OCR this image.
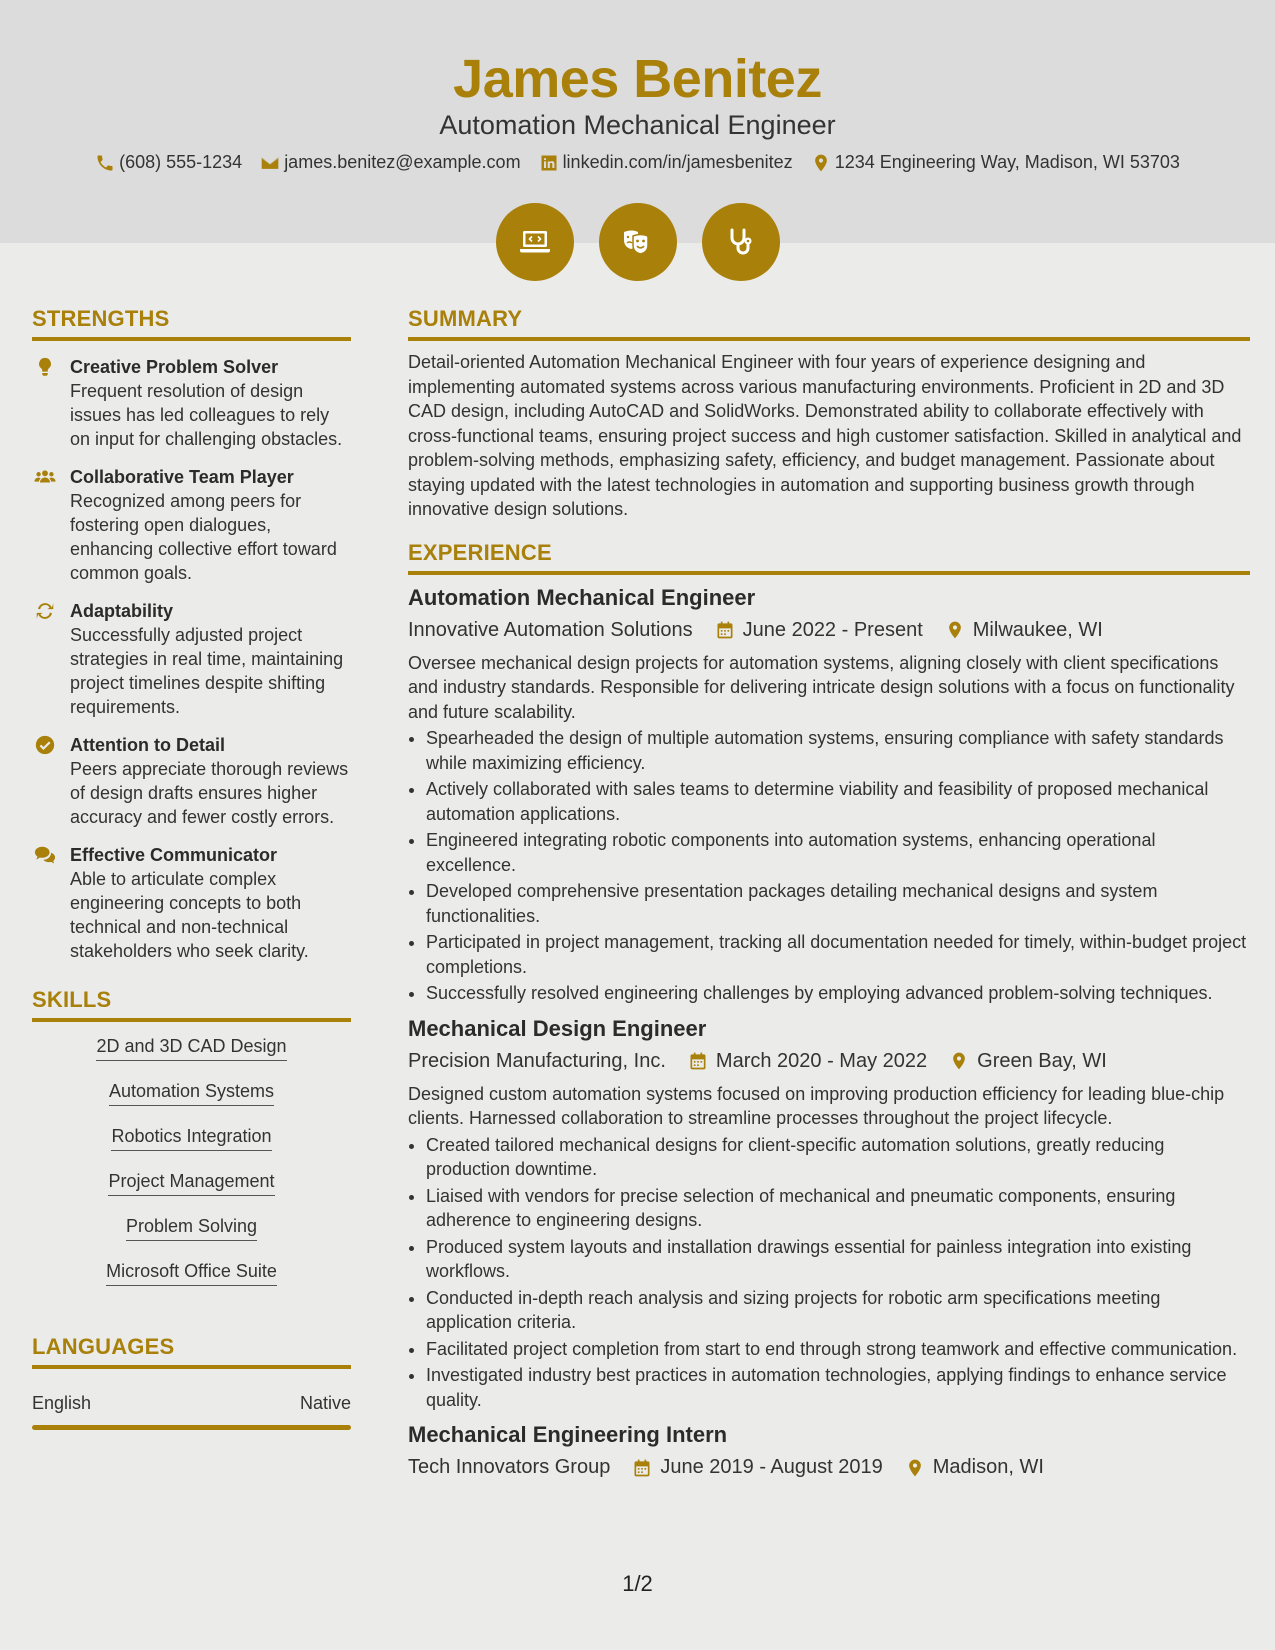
James Benitez
Automation Mechanical Engineer
(608) 555-1234 james.benitez@example.com linkedin.com/in/jamesbenitez 1234 Engineering Way, Madison, WI 53703
STRENGTHS
Creative Problem Solver
Frequent resolution of design issues has led colleagues to rely on input for challenging obstacles.
Collaborative Team Player
Recognized among peers for fostering open dialogues, enhancing collective effort toward common goals.
Adaptability
Successfully adjusted project strategies in real time, maintaining project timelines despite shifting requirements.
Attention to Detail
Peers appreciate thorough reviews of design drafts ensures higher accuracy and fewer costly errors.
Effective Communicator
Able to articulate complex engineering concepts to both technical and non-technical stakeholders who seek clarity.
SKILLS
2D and 3D CAD Design
Automation Systems
Robotics Integration
Project Management
Problem Solving
Microsoft Office Suite
LANGUAGES
English	Native
SUMMARY
Detail-oriented Automation Mechanical Engineer with four years of experience designing and implementing automated systems across various manufacturing environments. Proficient in 2D and 3D CAD design, including AutoCAD and SolidWorks. Demonstrated ability to collaborate effectively with cross-functional teams, ensuring project success and high customer satisfaction. Skilled in analytical and problem-solving methods, emphasizing safety, efficiency, and budget management. Passionate about staying updated with the latest technologies in automation and supporting business growth through innovative design solutions.
EXPERIENCE
Automation Mechanical Engineer
Innovative Automation Solutions	June 2022 - Present	Milwaukee, WI
Oversee mechanical design projects for automation systems, aligning closely with client specifications and industry standards. Responsible for delivering intricate design solutions with a focus on functionality and future scalability.
• Spearheaded the design of multiple automation systems, ensuring compliance with safety standards while maximizing efficiency.
• Actively collaborated with sales teams to determine viability and feasibility of proposed mechanical automation applications.
• Engineered integrating robotic components into automation systems, enhancing operational excellence.
• Developed comprehensive presentation packages detailing mechanical designs and system functionalities.
• Participated in project management, tracking all documentation needed for timely, within-budget project completions.
• Successfully resolved engineering challenges by employing advanced problem-solving techniques.
Mechanical Design Engineer
Precision Manufacturing, Inc.	March 2020 - May 2022	Green Bay, WI
Designed custom automation systems focused on improving production efficiency for leading blue-chip clients. Harnessed collaboration to streamline processes throughout the project lifecycle.
• Created tailored mechanical designs for client-specific automation solutions, greatly reducing production downtime.
• Liaised with vendors for precise selection of mechanical and pneumatic components, ensuring adherence to engineering designs.
• Produced system layouts and installation drawings essential for painless integration into existing workflows.
• Conducted in-depth reach analysis and sizing projects for robotic arm specifications meeting application criteria.
• Facilitated project completion from start to end through strong teamwork and effective communication.
• Investigated industry best practices in automation technologies, applying findings to enhance service quality.
Mechanical Engineering Intern
Tech Innovators Group	June 2019 - August 2019	Madison, WI
1/2
